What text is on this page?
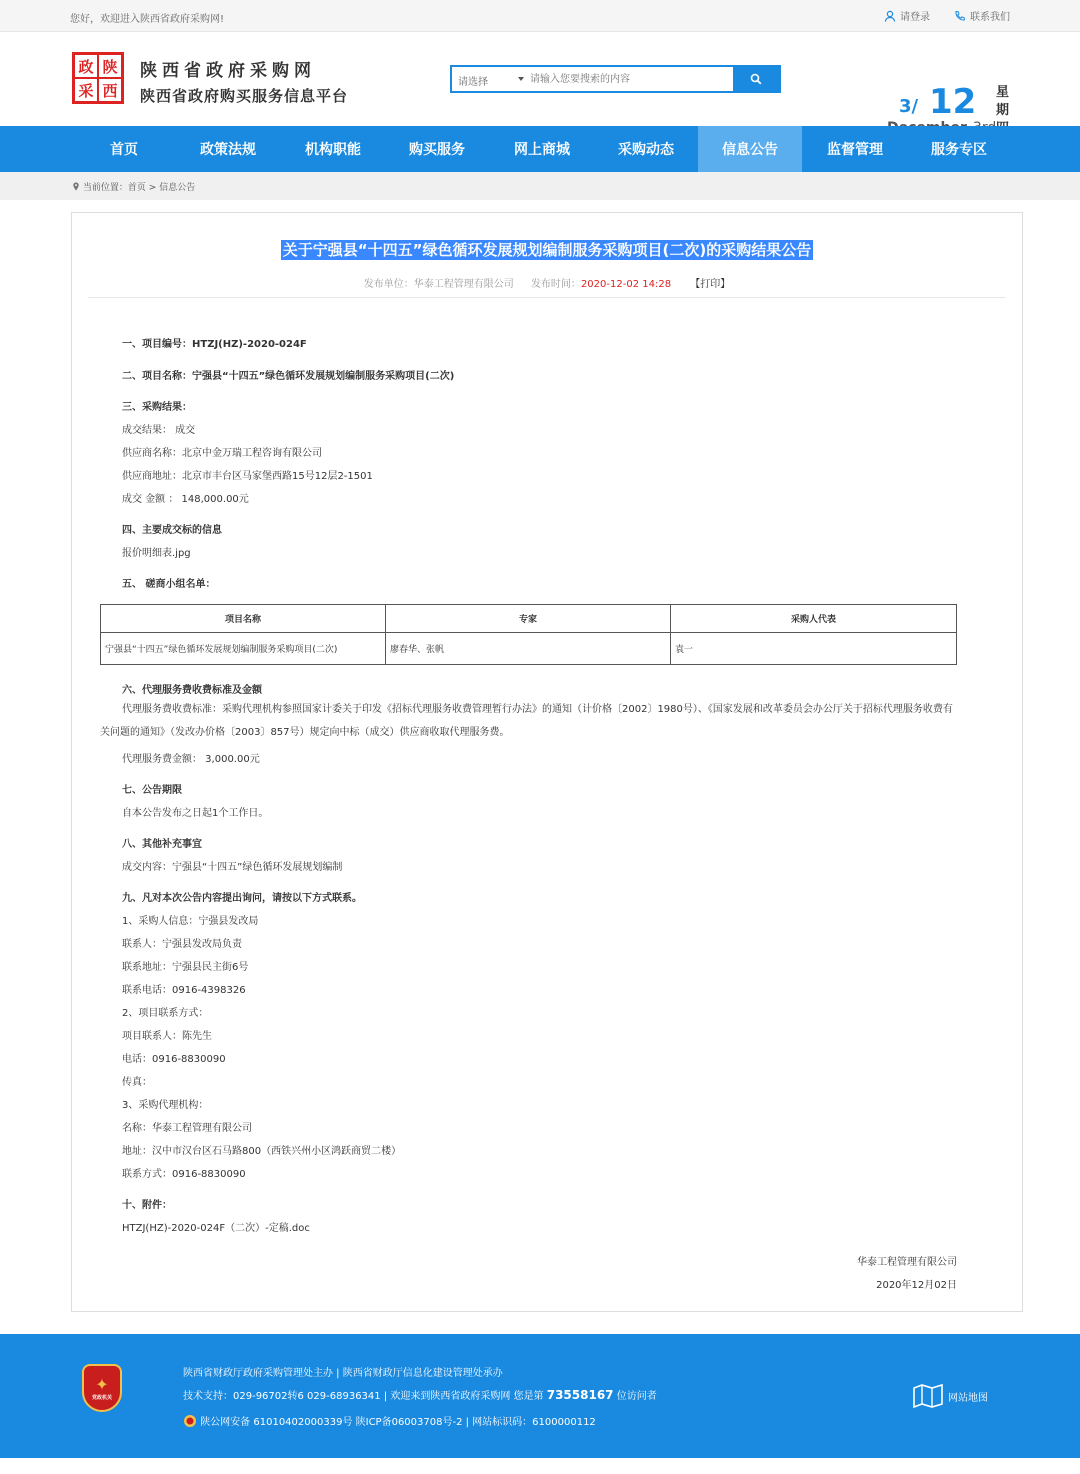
您好，欢迎进入陕西省政府采购网!	请登录	联系我们
政 陕
采 西
陕西省政府采购网
陕西省政府购买服务信息平台
请选择
请输入您要搜索的内容
3/ 12 星期
首页	政策法规	机构职能	购买服务	网上商城	采购动态	信息公告	监督管理	服务专区
当前位置：首页 > 信息公告
关于宁强县“十四五”绿色循环发展规划编制服务采购项目(二次)的采购结果公告
发布单位：华泰工程管理有限公司 发布时间：2020-12-02 14:28 【打印】
一、项目编号：HTZJ(HZ)-2020-024F
二、项目名称：宁强县“十四五”绿色循环发展规划编制服务采购项目(二次)
三、采购结果：
成交结果： 成交
供应商名称：北京中金万瑞工程咨询有限公司
供应商地址：北京市丰台区马家堡西路15号12层2-1501
成交 金额 ： 148,000.00元
四、主要成交标的信息
报价明细表.jpg
五、 磋商小组名单：
项目名称	专家	采购人代表
宁强县“十四五”绿色循环发展规划编制服务采购项目(二次)	廖春华、张帆	袁一
六、代理服务费收费标准及金额
代理服务费收费标准：采购代理机构参照国家计委关于印发《招标代理服务收费管理暂行办法》的通知（计价格〔2002〕1980号）、《国家发展和改革委员会办公厅关于招标代理服务收费有关问题的通知》（发改办价格〔2003〕857号）规定向中标（成交）供应商收取代理服务费。
代理服务费金额： 3,000.00元
七、公告期限
自本公告发布之日起1个工作日。
八、其他补充事宜
成交内容：宁强县“十四五”绿色循环发展规划编制
九、凡对本次公告内容提出询问，请按以下方式联系。
1、采购人信息：宁强县发改局
联系人：宁强县发改局负责
联系地址：宁强县民主街6号
联系电话：0916-4398326
2、项目联系方式：
项目联系人：陈先生
电话：0916-8830090
传真：
3、采购代理机构：
名称：华泰工程管理有限公司
地址：汉中市汉台区石马路800（西铁兴州小区鸿跃商贸二楼）
联系方式：0916-8830090
十、附件：
HTZJ(HZ)-2020-024F（二次）-定稿.doc
华泰工程管理有限公司
2020年12月02日
✦
党政机关
陕西省财政厅政府采购管理处主办 | 陕西省财政厅信息化建设管理处承办
技术支持：029-96702转6 029-68936341 | 欢迎来到陕西省政府采购网 您是第 73558167 位访问者
陕公网安备 61010402000339号 陕ICP备06003708号-2 | 网站标识码：6100000112
网站地图
